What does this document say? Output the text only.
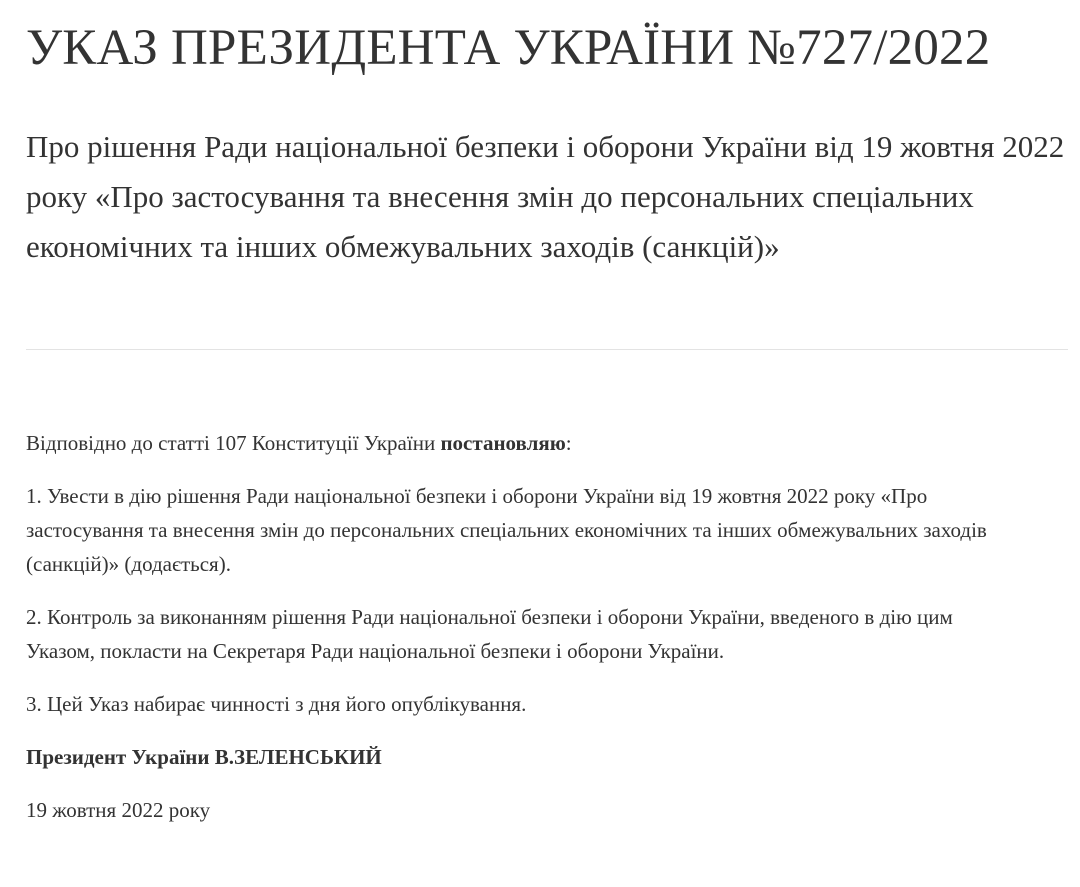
УКАЗ ПРЕЗИДЕНТА УКРАЇНИ №727/2022
Про рішення Ради національної безпеки і оборони України від 19 жовтня 2022 року «Про застосування та внесення змін до персональних спеціальних економічних та інших обмежувальних заходів (санкцій)»

Відповідно до статті 107 Конституції України постановляю:

1. Увести в дію рішення Ради національної безпеки і оборони України від 19 жовтня 2022 року «Про застосування та внесення змін до персональних спеціальних економічних та інших обмежувальних заходів (санкцій)» (додається).

2. Контроль за виконанням рішення Ради національної безпеки і оборони України, введеного в дію цим Указом, покласти на Секретаря Ради національної безпеки і оборони України.

3. Цей Указ набирає чинності з дня його опублікування.

Президент України В.ЗЕЛЕНСЬКИЙ

19 жовтня 2022 року
